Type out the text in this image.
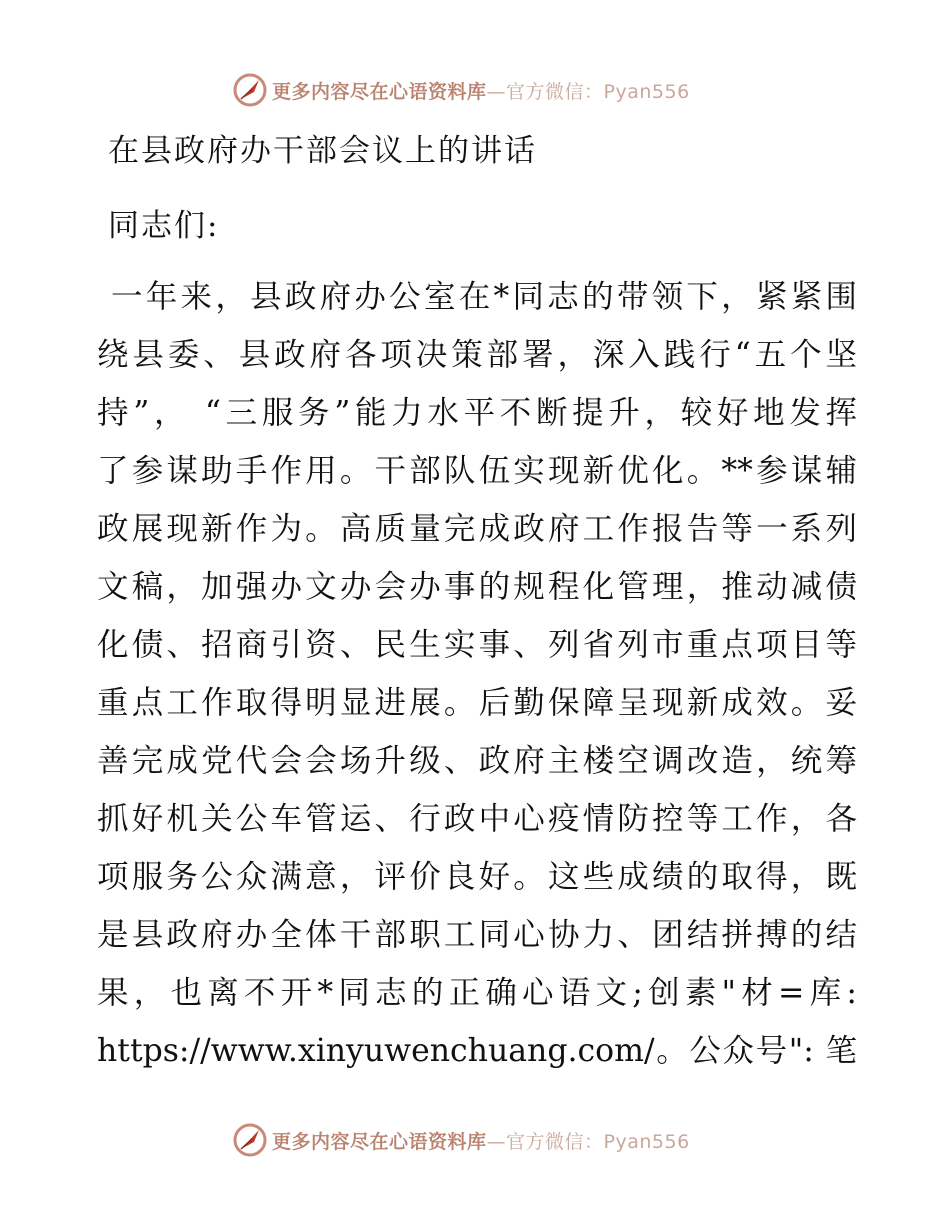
更多内容尽在心语资料库—官方微信：Pyan556
在县政府办干部会议上的讲话
同志们:
一年来，县政府办公室在*同志的带领下，紧紧围
绕县委、县政府各项决策部署，深入践行“五个坚
持”， “三服务”能力水平不断提升，较好地发挥
了参谋助手作用。干部队伍实现新优化。**参谋辅
政展现新作为。高质量完成政府工作报告等一系列
文稿，加强办文办会办事的规程化管理，推动减债
化债、招商引资、民生实事、列省列市重点项目等
重点工作取得明显进展。后勤保障呈现新成效。妥
善完成党代会会场升级、政府主楼空调改造，统筹
抓好机关公车管运、行政中心疫情防控等工作，各
项服务公众满意，评价良好。这些成绩的取得，既
是县政府办全体干部职工同心协力、团结拼搏的结
果，也离不开*同志的正确心语文;创素"材=库:
https://www.xinyuwenchuang.com/。公众号": 笔
更多内容尽在心语资料库—官方微信：Pyan556
